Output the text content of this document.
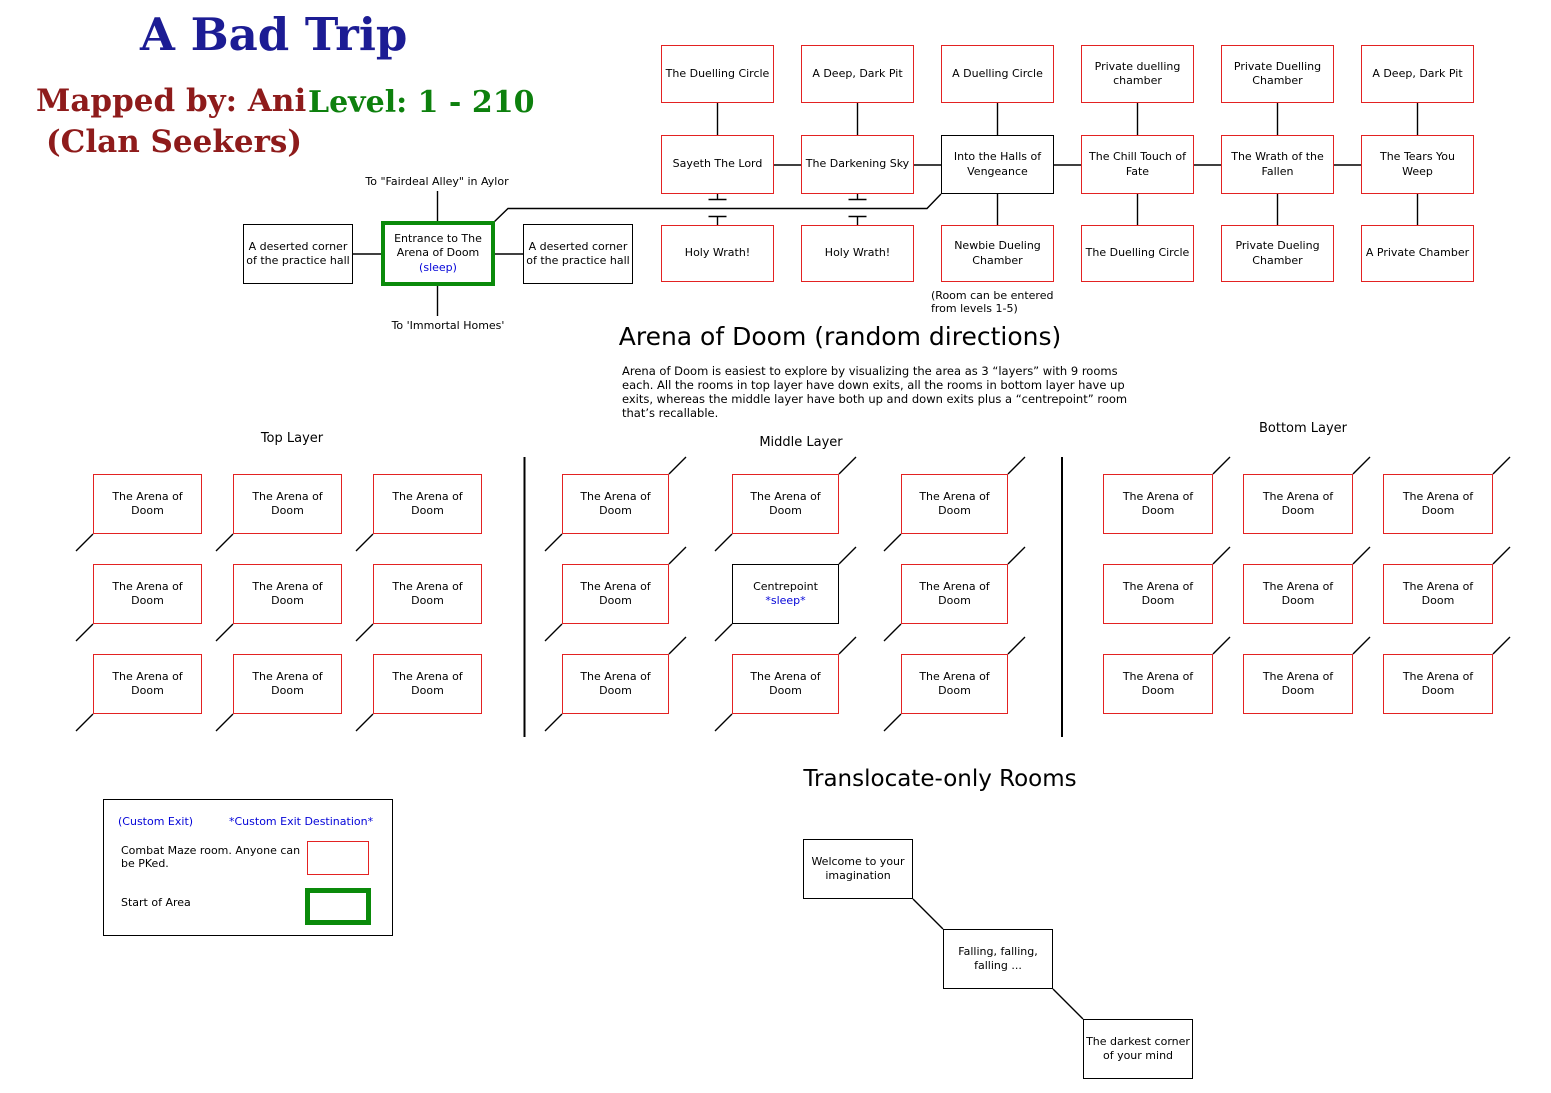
A Bad Trip
Mapped by: Ani Level: 1 - 210
(Clan Seekers)
To "Fairdeal Alley" in Aylor
A deserted corner of the practice hall
Entrance to The Arena of Doom
(sleep)
A deserted corner of the practice hall
To 'Immortal Homes'
The Duelling Circle	A Deep, Dark Pit	A Duelling Circle
Private duelling chamber
Private Duelling Chamber
A Deep, Dark Pit
Sayeth The Lord	The Darkening Sky
Into the Halls of Vengeance
The Chill Touch of Fate
The Wrath of the Fallen
The Tears You Weep
Holy Wrath!	Holy Wrath!
Newbie Dueling Chamber
The Duelling Circle
Private Dueling Chamber
A Private Chamber
(Room can be entered from levels 1-5)
Arena of Doom (random directions)
Arena of Doom is easiest to explore by visualizing the area as 3 “layers” with 9 rooms each. All the rooms in top layer have down exits, all the rooms in bottom layer have up exits, whereas the middle layer have both up and down exits plus a “centrepoint” room that’s recallable.
Top Layer	Middle Layer
Bottom Layer
The Arena of Doom
The Arena of Doom
The Arena of Doom
The Arena of Doom
The Arena of Doom
The Arena of Doom
The Arena of Doom
The Arena of Doom
The Arena of Doom
The Arena of Doom
The Arena of Doom
The Arena of Doom
The Arena of Doom
Centrepoint
*sleep*
The Arena of Doom
The Arena of Doom
The Arena of Doom
The Arena of Doom
The Arena of Doom
The Arena of Doom
The Arena of Doom
The Arena of Doom
The Arena of Doom
The Arena of Doom
The Arena of Doom
The Arena of Doom
The Arena of Doom
(Custom Exit)	*Custom Exit Destination*
Combat Maze room. Anyone can be PKed.
Start of Area
Translocate-only Rooms
Welcome to your imagination
Falling, falling, falling ...
The darkest corner of your mind
